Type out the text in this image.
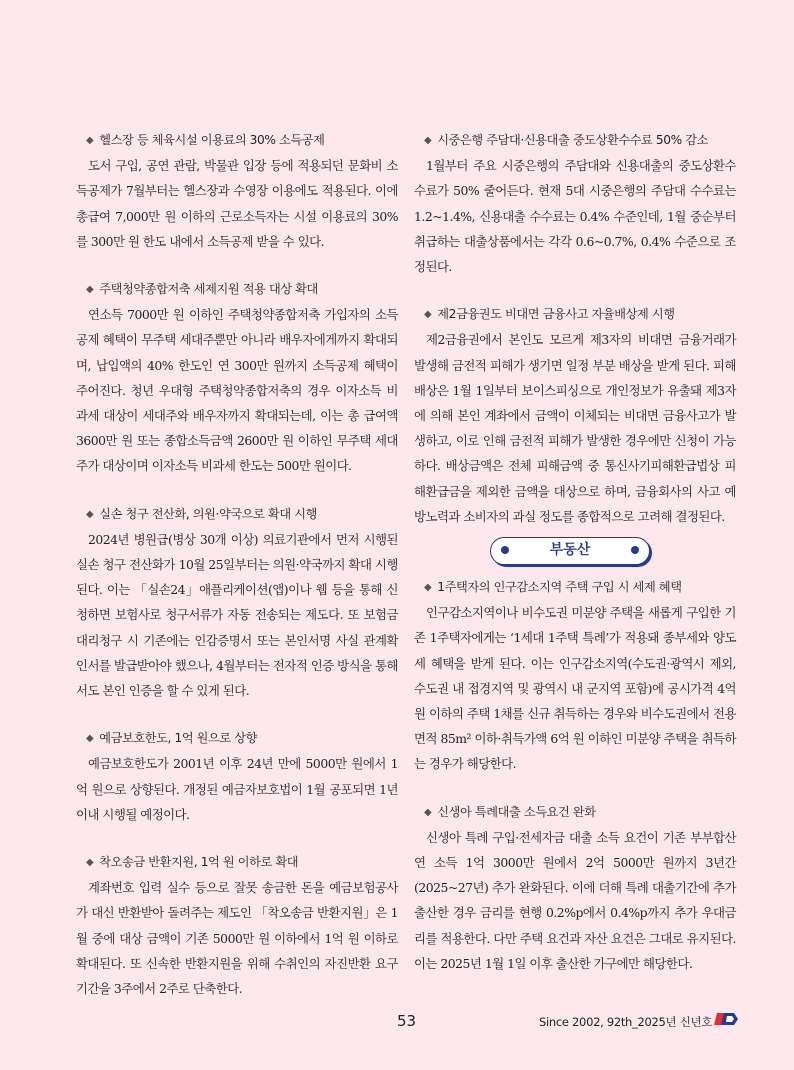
◆ 헬스장 등 체육시설 이용료의 30% 소득공제

도서 구입, 공연 관람, 박물관 입장 등에 적용되던 문화비 소득공제가 7월부터는 헬스장과 수영장 이용에도 적용된다. 이에 총급여 7,000만 원 이하의 근로소득자는 시설 이용료의 30%를 300만 원 한도 내에서 소득공제 받을 수 있다.

◆ 주택청약종합저축 세제지원 적용 대상 확대

연소득 7000만 원 이하인 주택청약종합저축 가입자의 소득공제 혜택이 무주택 세대주뿐만 아니라 배우자에게까지 확대되며, 납입액의 40% 한도인 연 300만 원까지 소득공제 혜택이 주어진다. 청년 우대형 주택청약종합저축의 경우 이자소득 비과세 대상이 세대주와 배우자까지 확대되는데, 이는 총 급여액 3600만 원 또는 종합소득금액 2600만 원 이하인 무주택 세대주가 대상이며 이자소득 비과세 한도는 500만 원이다.

◆ 실손 청구 전산화, 의원·약국으로 확대 시행

2024년 병원급(병상 30개 이상) 의료기관에서 먼저 시행된 실손 청구 전산화가 10월 25일부터는 의원·약국까지 확대 시행된다. 이는 「실손24」애플리케이션(앱)이나 웹 등을 통해 신청하면 보험사로 청구서류가 자동 전송되는 제도다. 또 보험금 대리청구 시 기존에는 인감증명서 또는 본인서명 사실 관계확인서를 발급받아야 했으나, 4월부터는 전자적 인증 방식을 통해서도 본인 인증을 할 수 있게 된다.

◆ 예금보호한도, 1억 원으로 상향

예금보호한도가 2001년 이후 24년 만에 5000만 원에서 1억 원으로 상향된다. 개정된 예금자보호법이 1월 공포되면 1년 이내 시행될 예정이다.

◆ 착오송금 반환지원, 1억 원 이하로 확대

계좌번호 입력 실수 등으로 잘못 송금한 돈을 예금보험공사가 대신 반환받아 돌려주는 제도인 「착오송금 반환지원」은 1월 중에 대상 금액이 기존 5000만 원 이하에서 1억 원 이하로 확대된다. 또 신속한 반환지원을 위해 수취인의 자진반환 요구 기간을 3주에서 2주로 단축한다.

◆ 시중은행 주담대·신용대출 중도상환수수료 50% 감소

1월부터 주요 시중은행의 주담대와 신용대출의 중도상환수수료가 50% 줄어든다. 현재 5대 시중은행의 주담대 수수료는 1.2~1.4%, 신용대출 수수료는 0.4% 수준인데, 1월 중순부터 취급하는 대출상품에서는 각각 0.6~0.7%, 0.4% 수준으로 조정된다.

◆ 제2금융권도 비대면 금융사고 자율배상제 시행

제2금융권에서 본인도 모르게 제3자의 비대면 금융거래가 발생해 금전적 피해가 생기면 일정 부분 배상을 받게 된다. 피해배상은 1월 1일부터 보이스피싱으로 개인정보가 유출돼 제3자에 의해 본인 계좌에서 금액이 이체되는 비대면 금융사고가 발생하고, 이로 인해 금전적 피해가 발생한 경우에만 신청이 가능하다. 배상금액은 전체 피해금액 중 통신사기피해환급법상 피해환급금을 제외한 금액을 대상으로 하며, 금융회사의 사고 예방노력과 소비자의 과실 정도를 종합적으로 고려해 결정된다.

부동산
◆ 1주택자의 인구감소지역 주택 구입 시 세제 혜택

인구감소지역이나 비수도권 미분양 주택을 새롭게 구입한 기존 1주택자에게는 ‘1세대 1주택 특례’가 적용돼 종부세와 양도세 혜택을 받게 된다. 이는 인구감소지역(수도권·광역시 제외, 수도권 내 접경지역 및 광역시 내 군지역 포함)에 공시가격 4억 원 이하의 주택 1채를 신규 취득하는 경우와 비수도권에서 전용면적 85m² 이하·취득가액 6억 원 이하인 미분양 주택을 취득하는 경우가 해당한다.

◆ 신생아 특례대출 소득요건 완화

신생아 특례 구입·전세자금 대출 소득 요건이 기존 부부합산 연 소득 1억 3000만 원에서 2억 5000만 원까지 3년간(2025~27년) 추가 완화된다. 이에 더해 특례 대출기간에 추가 출산한 경우 금리를 현행 0.2%p에서 0.4%p까지 추가 우대금리를 적용한다. 다만 주택 요건과 자산 요건은 그대로 유지된다. 이는 2025년 1월 1일 이후 출산한 가구에만 해당한다.

53	Since 2002, 92th_2025년 신년호
